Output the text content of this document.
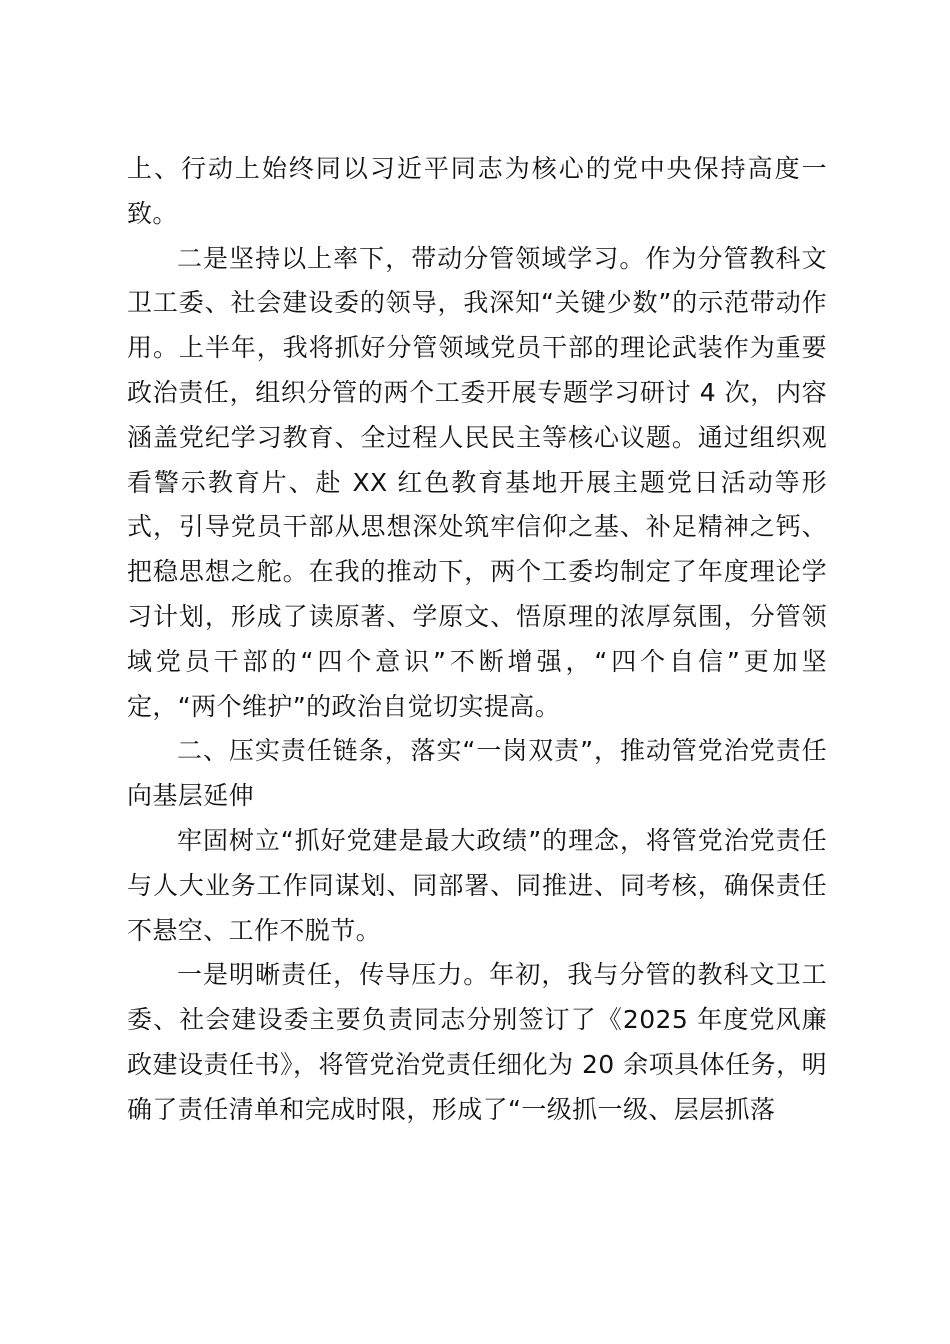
上、行动上始终同以习近平同志为核心的党中央保持高度一致。

二是坚持以上率下，带动分管领域学习。作为分管教科文卫工委、社会建设委的领导，我深知“关键少数”的示范带动作用。上半年，我将抓好分管领域党员干部的理论武装作为重要政治责任，组织分管的两个工委开展专题学习研讨 4 次，内容涵盖党纪学习教育、全过程人民民主等核心议题。通过组织观看警示教育片、赴 XX 红色教育基地开展主题党日活动等形式，引导党员干部从思想深处筑牢信仰之基、补足精神之钙、把稳思想之舵。在我的推动下，两个工委均制定了年度理论学习计划，形成了读原著、学原文、悟原理的浓厚氛围，分管领域党员干部的“四个意识”不断增强，“四个自信”更加坚定，“两个维护”的政治自觉切实提高。

二、压实责任链条，落实“一岗双责”，推动管党治党责任向基层延伸

牢固树立“抓好党建是最大政绩”的理念，将管党治党责任与人大业务工作同谋划、同部署、同推进、同考核，确保责任不悬空、工作不脱节。

一是明晰责任，传导压力。年初，我与分管的教科文卫工委、社会建设委主要负责同志分别签订了《2025 年度党风廉政建设责任书》，将管党治党责任细化为 20 余项具体任务，明确了责任清单和完成时限，形成了“一级抓一级、层层抓落
